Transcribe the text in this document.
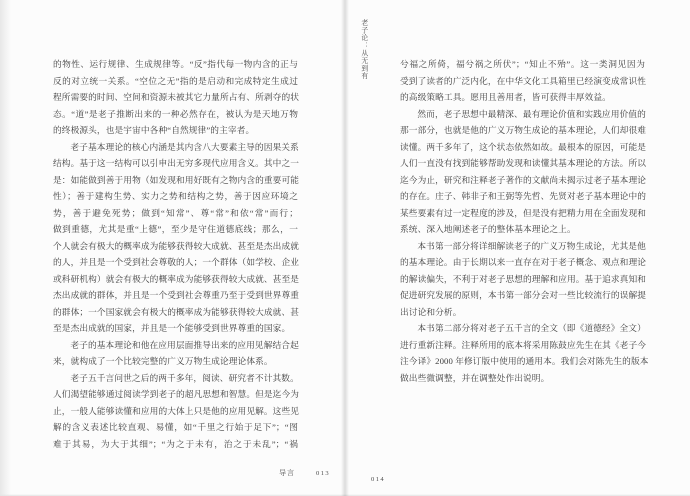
的物性、运行规律、生成规律等。“反”指代每一物内含的正与
反的对立统一关系。“空位之无”指的是启动和完成特定生成过
程所需要的时间、空间和资源未被其它力量所占有、所剥夺的状
态。“道”是老子推断出来的一种必然存在，被认为是天地万物
的终极源头，也是宇宙中各种“自然规律”的主宰者。
老子基本理论的核心内涵是其内含八大要素主导的因果关系
结构。基于这一结构可以引申出无穷多现代应用含义。其中之一
是：如能做到善于用物（如发现和用好既有之物内含的重要可能
性）；善于建构生势、实力之势和结构之势，善于因应环境之
势，善于避免死势；做到“知常”、尊“常”和依“常”而行；
做到重德，尤其是重“上德”，至少是守住道德底线；那么，一
个人就会有极大的概率成为能够获得较大成就、甚至是杰出成就
的人，并且是一个受到社会尊敬的人；一个群体（如学校、企业
或科研机构）就会有极大的概率成为能够获得较大成就、甚至是
杰出成就的群体，并且是一个受到社会尊重乃至于受到世界尊重
的群体；一个国家就会有极大的概率成为能够获得较大成就、甚
至是杰出成就的国家，并且是一个能够受到世界尊重的国家。
老子的基本理论和他在应用层面推导出来的应用见解结合起
来，就构成了一个比较完整的广义万物生成论理论体系。
老子五千言问世之后的两千多年，阅读、研究者不计其数。
人们渴望能够通过阅读学到老子的超凡思想和智慧。但是迄今为
止，一般人能够读懂和应用的大体上只是他的应用见解。这些见
解的含义表述比较直观、易懂，如“千里之行始于足下”；“图
难于其易，为大于其细”；“为之于未有，治之于未乱”；“祸
导言	013
老子论：从无到有	兮福之所倚，福兮祸之所伏”；“知止不殆”。这一类洞见因为
受到了读者的广泛内化，在中华文化工具箱里已经演变成常识性
的高级策略工具。愿用且善用者，皆可获得丰厚效益。
然而，老子思想中最精深、最有理论价值和实践应用价值的
那一部分，也就是他的广义万物生成论的基本理论，人们却很难
读懂。两千多年了，这个状态依然如故。最根本的原因，可能是
人们一直没有找到能够帮助发现和读懂其基本理论的方法。所以
迄今为止，研究和注释老子著作的文献尚未揭示过老子基本理论
的存在。庄子、韩非子和王弼等先哲、先贤对老子基本理论中的
某些要素有过一定程度的涉及，但是没有把精力用在全面发现和
系统、深入地阐述老子的整体基本理论之上。
本书第一部分将详细解读老子的广义万物生成论，尤其是他
的基本理论。由于长期以来一直存在对于老子概念、观点和理论
的解读偏失，不利于对老子思想的理解和应用。基于追求真知和
促进研究发展的原则，本书第一部分会对一些比较流行的误解提
出讨论和分析。
本书第二部分将对老子五千言的全文（即《道德经》全文）
进行重新注释。注释所用的底本将采用陈鼓应先生在其《老子今
注今译》2000 年修订版中使用的通用本。我们会对陈先生的版本
做出些微调整，并在调整处作出说明。
014
